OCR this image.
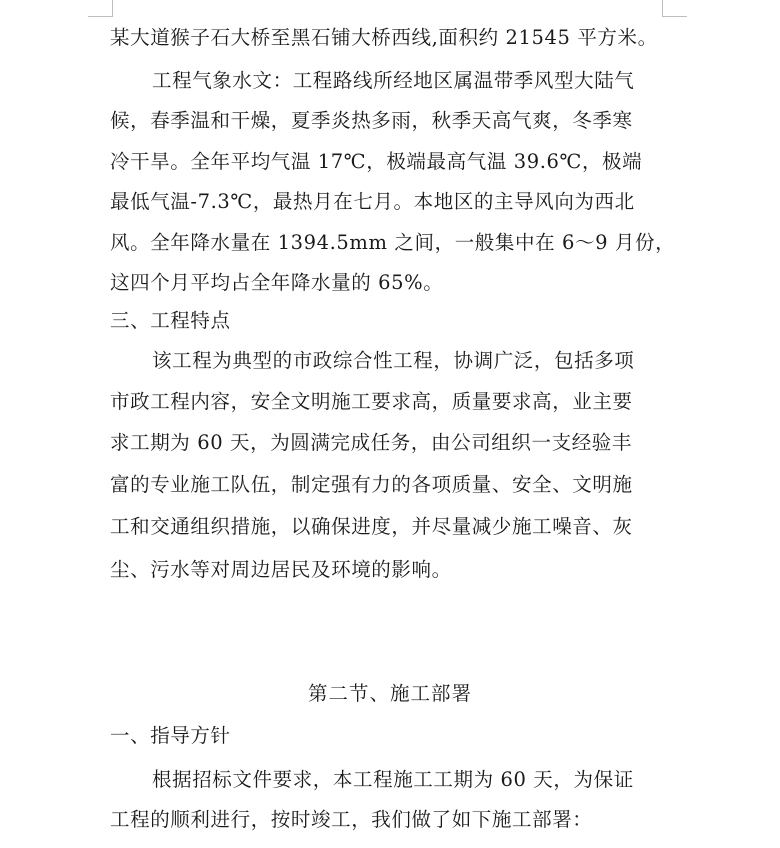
某大道猴子石大桥至黑石铺大桥西线,面积约 21545 平方米。
工程气象水文：工程路线所经地区属温带季风型大陆气
候，春季温和干燥，夏季炎热多雨，秋季天高气爽，冬季寒
冷干旱。全年平均气温 17℃，极端最高气温 39.6℃，极端
最低气温-7.3℃，最热月在七月。本地区的主导风向为西北
风。全年降水量在 1394.5mm 之间，一般集中在 6～9 月份，
这四个月平均占全年降水量的 65%。
三、工程特点
该工程为典型的市政综合性工程，协调广泛，包括多项
市政工程内容，安全文明施工要求高，质量要求高，业主要
求工期为 60 天，为圆满完成任务，由公司组织一支经验丰
富的专业施工队伍，制定强有力的各项质量、安全、文明施
工和交通组织措施，以确保进度，并尽量减少施工噪音、灰
尘、污水等对周边居民及环境的影响。
第二节、施工部署
一、指导方针
根据招标文件要求，本工程施工工期为 60 天，为保证
工程的顺利进行，按时竣工，我们做了如下施工部署：
